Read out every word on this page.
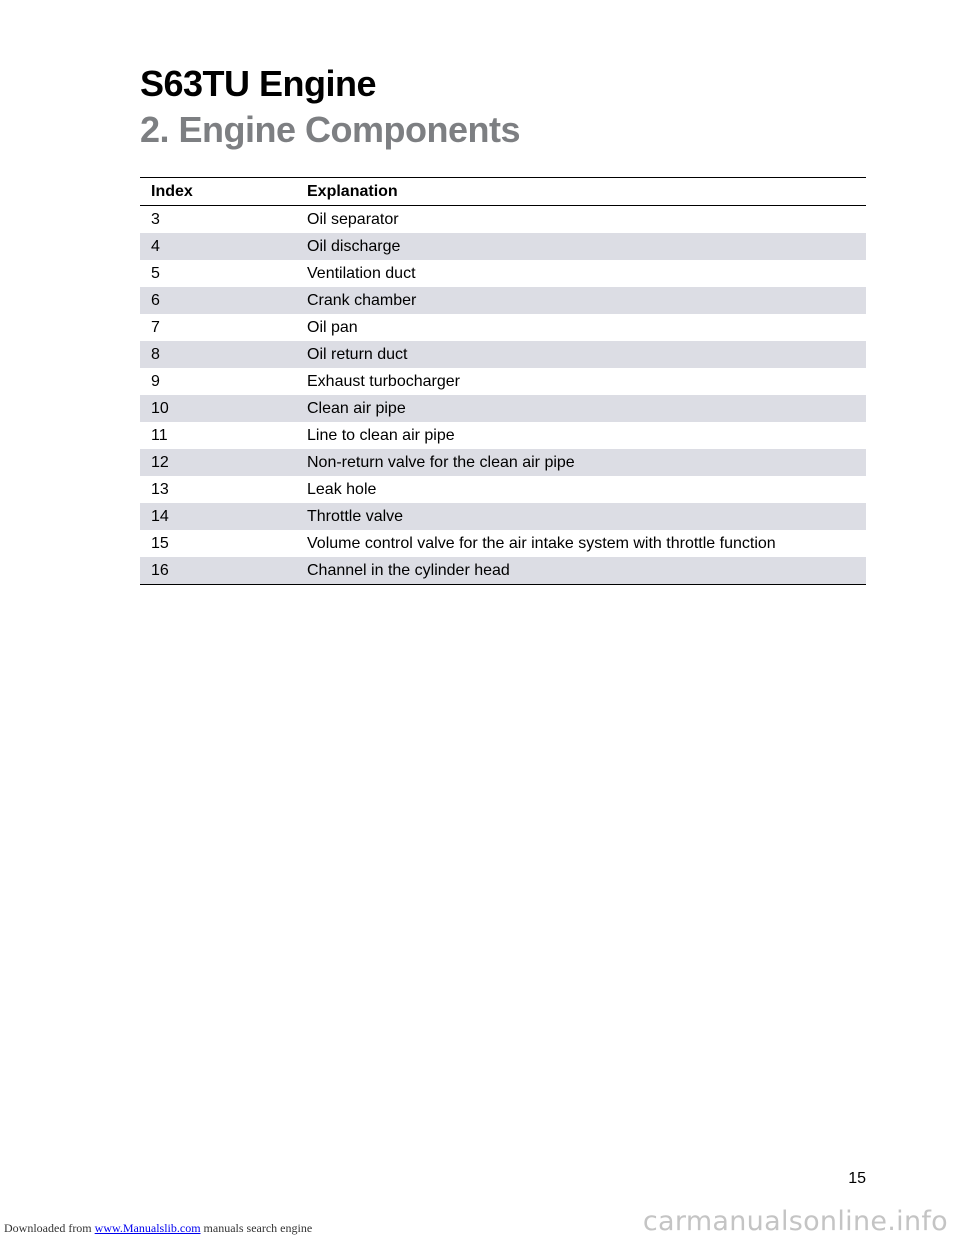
S63TU Engine
2. Engine Components
Index	Explanation
3	Oil separator
4	Oil discharge
5	Ventilation duct
6	Crank chamber
7	Oil pan
8	Oil return duct
9	Exhaust turbocharger
10	Clean air pipe
11	Line to clean air pipe
12	Non-return valve for the clean air pipe
13	Leak hole
14	Throttle valve
15	Volume control valve for the air intake system with throttle function
16	Channel in the cylinder head
15
Downloaded from www.Manualslib.com manuals search engine	carmanualsonline.info
